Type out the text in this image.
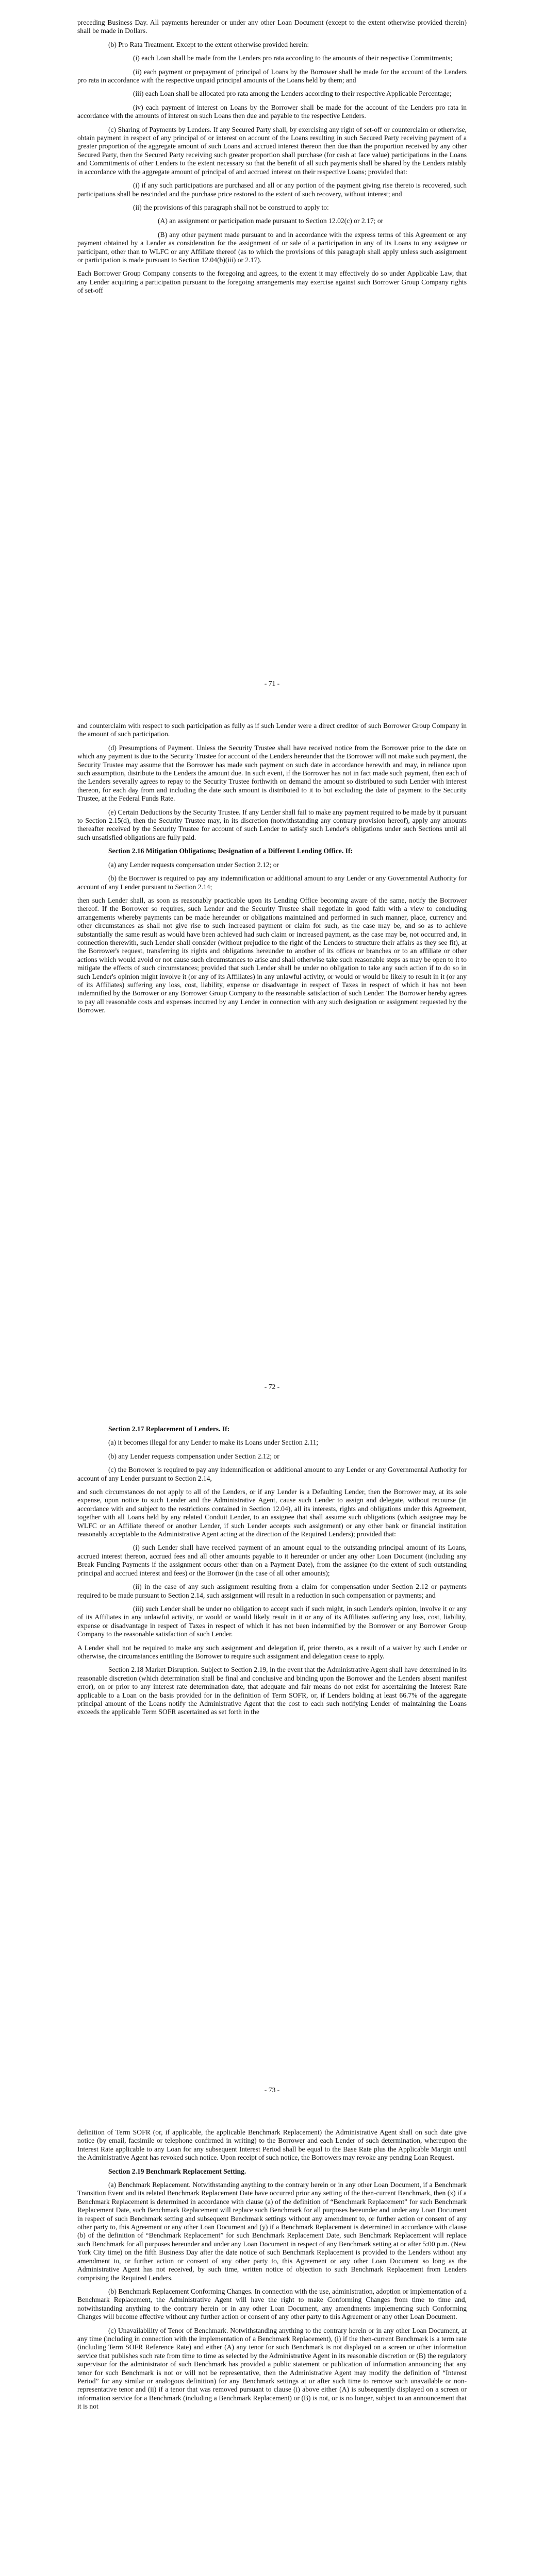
preceding Business Day. All payments hereunder or under any other Loan Document (except to the extent otherwise provided therein) shall be made in Dollars.

(b) Pro Rata Treatment. Except to the extent otherwise provided herein:

(i) each Loan shall be made from the Lenders pro rata according to the amounts of their respective Commitments;

(ii) each payment or prepayment of principal of Loans by the Borrower shall be made for the account of the Lenders pro rata in accordance with the respective unpaid principal amounts of the Loans held by them; and

(iii) each Loan shall be allocated pro rata among the Lenders according to their respective Applicable Percentage;

(iv) each payment of interest on Loans by the Borrower shall be made for the account of the Lenders pro rata in accordance with the amounts of interest on such Loans then due and payable to the respective Lenders.

(c) Sharing of Payments by Lenders. If any Secured Party shall, by exercising any right of set-off or counterclaim or otherwise, obtain payment in respect of any principal of or interest on account of the Loans resulting in such Secured Party receiving payment of a greater proportion of the aggregate amount of such Loans and accrued interest thereon then due than the proportion received by any other Secured Party, then the Secured Party receiving such greater proportion shall purchase (for cash at face value) participations in the Loans and Commitments of other Lenders to the extent necessary so that the benefit of all such payments shall be shared by the Lenders ratably in accordance with the aggregate amount of principal of and accrued interest on their respective Loans; provided that:

(i) if any such participations are purchased and all or any portion of the payment giving rise thereto is recovered, such participations shall be rescinded and the purchase price restored to the extent of such recovery, without interest; and

(ii) the provisions of this paragraph shall not be construed to apply to:

(A) an assignment or participation made pursuant to Section 12.02(c) or 2.17; or

(B) any other payment made pursuant to and in accordance with the express terms of this Agreement or any payment obtained by a Lender as consideration for the assignment of or sale of a participation in any of its Loans to any assignee or participant, other than to WLFC or any Affiliate thereof (as to which the provisions of this paragraph shall apply unless such assignment or participation is made pursuant to Section 12.04(b)(iii) or 2.17).

Each Borrower Group Company consents to the foregoing and agrees, to the extent it may effectively do so under Applicable Law, that any Lender acquiring a participation pursuant to the foregoing arrangements may exercise against such Borrower Group Company rights of set-off

- 71 -

and counterclaim with respect to such participation as fully as if such Lender were a direct creditor of such Borrower Group Company in the amount of such participation.

(d) Presumptions of Payment. Unless the Security Trustee shall have received notice from the Borrower prior to the date on which any payment is due to the Security Trustee for account of the Lenders hereunder that the Borrower will not make such payment, the Security Trustee may assume that the Borrower has made such payment on such date in accordance herewith and may, in reliance upon such assumption, distribute to the Lenders the amount due. In such event, if the Borrower has not in fact made such payment, then each of the Lenders severally agrees to repay to the Security Trustee forthwith on demand the amount so distributed to such Lender with interest thereon, for each day from and including the date such amount is distributed to it to but excluding the date of payment to the Security Trustee, at the Federal Funds Rate.

(e) Certain Deductions by the Security Trustee. If any Lender shall fail to make any payment required to be made by it pursuant to Section 2.15(d), then the Security Trustee may, in its discretion (notwithstanding any contrary provision hereof), apply any amounts thereafter received by the Security Trustee for account of such Lender to satisfy such Lender's obligations under such Sections until all such unsatisfied obligations are fully paid.

Section 2.16 Mitigation Obligations; Designation of a Different Lending Office. If:

(a) any Lender requests compensation under Section 2.12; or

(b) the Borrower is required to pay any indemnification or additional amount to any Lender or any Governmental Authority for account of any Lender pursuant to Section 2.14;

then such Lender shall, as soon as reasonably practicable upon its Lending Office becoming aware of the same, notify the Borrower thereof. If the Borrower so requires, such Lender and the Security Trustee shall negotiate in good faith with a view to concluding arrangements whereby payments can be made hereunder or obligations maintained and performed in such manner, place, currency and other circumstances as shall not give rise to such increased payment or claim for such, as the case may be, and so as to achieve substantially the same result as would have been achieved had such claim or increased payment, as the case may be, not occurred and, in connection therewith, such Lender shall consider (without prejudice to the right of the Lenders to structure their affairs as they see fit), at the Borrower's request, transferring its rights and obligations hereunder to another of its offices or branches or to an affiliate or other actions which would avoid or not cause such circumstances to arise and shall otherwise take such reasonable steps as may be open to it to mitigate the effects of such circumstances; provided that such Lender shall be under no obligation to take any such action if to do so in such Lender's opinion might involve it (or any of its Affiliates) in any unlawful activity, or would or would be likely to result in it (or any of its Affiliates) suffering any loss, cost, liability, expense or disadvantage in respect of Taxes in respect of which it has not been indemnified by the Borrower or any Borrower Group Company to the reasonable satisfaction of such Lender. The Borrower hereby agrees to pay all reasonable costs and expenses incurred by any Lender in connection with any such designation or assignment requested by the Borrower.

- 72 -

Section 2.17 Replacement of Lenders. If:

(a) it becomes illegal for any Lender to make its Loans under Section 2.11;

(b) any Lender requests compensation under Section 2.12; or

(c) the Borrower is required to pay any indemnification or additional amount to any Lender or any Governmental Authority for account of any Lender pursuant to Section 2.14,

and such circumstances do not apply to all of the Lenders, or if any Lender is a Defaulting Lender, then the Borrower may, at its sole expense, upon notice to such Lender and the Administrative Agent, cause such Lender to assign and delegate, without recourse (in accordance with and subject to the restrictions contained in Section 12.04), all its interests, rights and obligations under this Agreement, together with all Loans held by any related Conduit Lender, to an assignee that shall assume such obligations (which assignee may be WLFC or an Affiliate thereof or another Lender, if such Lender accepts such assignment) or any other bank or financial institution reasonably acceptable to the Administrative Agent acting at the direction of the Required Lenders); provided that:

(i) such Lender shall have received payment of an amount equal to the outstanding principal amount of its Loans, accrued interest thereon, accrued fees and all other amounts payable to it hereunder or under any other Loan Document (including any Break Funding Payments if the assignment occurs other than on a Payment Date), from the assignee (to the extent of such outstanding principal and accrued interest and fees) or the Borrower (in the case of all other amounts);

(ii) in the case of any such assignment resulting from a claim for compensation under Section 2.12 or payments required to be made pursuant to Section 2.14, such assignment will result in a reduction in such compensation or payments; and

(iii) such Lender shall be under no obligation to accept such if such might, in such Lender's opinion, involve it or any of its Affiliates in any unlawful activity, or would or would likely result in it or any of its Affiliates suffering any loss, cost, liability, expense or disadvantage in respect of Taxes in respect of which it has not been indemnified by the Borrower or any Borrower Group Company to the reasonable satisfaction of such Lender.

A Lender shall not be required to make any such assignment and delegation if, prior thereto, as a result of a waiver by such Lender or otherwise, the circumstances entitling the Borrower to require such assignment and delegation cease to apply.

Section 2.18 Market Disruption. Subject to Section 2.19, in the event that the Administrative Agent shall have determined in its reasonable discretion (which determination shall be final and conclusive and binding upon the Borrower and the Lenders absent manifest error), on or prior to any interest rate determination date, that adequate and fair means do not exist for ascertaining the Interest Rate applicable to a Loan on the basis provided for in the definition of Term SOFR, or, if Lenders holding at least 66.7% of the aggregate principal amount of the Loans notify the Administrative Agent that the cost to each such notifying Lender of maintaining the Loans exceeds the applicable Term SOFR ascertained as set forth in the

- 73 -

definition of Term SOFR (or, if applicable, the applicable Benchmark Replacement) the Administrative Agent shall on such date give notice (by email, facsimile or telephone confirmed in writing) to the Borrower and each Lender of such determination, whereupon the Interest Rate applicable to any Loan for any subsequent Interest Period shall be equal to the Base Rate plus the Applicable Margin until the Administrative Agent has revoked such notice. Upon receipt of such notice, the Borrowers may revoke any pending Loan Request.

Section 2.19 Benchmark Replacement Setting.

(a) Benchmark Replacement. Notwithstanding anything to the contrary herein or in any other Loan Document, if a Benchmark Transition Event and its related Benchmark Replacement Date have occurred prior any setting of the then-current Benchmark, then (x) if a Benchmark Replacement is determined in accordance with clause (a) of the definition of “Benchmark Replacement” for such Benchmark Replacement Date, such Benchmark Replacement will replace such Benchmark for all purposes hereunder and under any Loan Document in respect of such Benchmark setting and subsequent Benchmark settings without any amendment to, or further action or consent of any other party to, this Agreement or any other Loan Document and (y) if a Benchmark Replacement is determined in accordance with clause (b) of the definition of “Benchmark Replacement” for such Benchmark Replacement Date, such Benchmark Replacement will replace such Benchmark for all purposes hereunder and under any Loan Document in respect of any Benchmark setting at or after 5:00 p.m. (New York City time) on the fifth Business Day after the date notice of such Benchmark Replacement is provided to the Lenders without any amendment to, or further action or consent of any other party to, this Agreement or any other Loan Document so long as the Administrative Agent has not received, by such time, written notice of objection to such Benchmark Replacement from Lenders comprising the Required Lenders.

(b) Benchmark Replacement Conforming Changes. In connection with the use, administration, adoption or implementation of a Benchmark Replacement, the Administrative Agent will have the right to make Conforming Changes from time to time and, notwithstanding anything to the contrary herein or in any other Loan Document, any amendments implementing such Conforming Changes will become effective without any further action or consent of any other party to this Agreement or any other Loan Document.

(c) Unavailability of Tenor of Benchmark. Notwithstanding anything to the contrary herein or in any other Loan Document, at any time (including in connection with the implementation of a Benchmark Replacement), (i) if the then-current Benchmark is a term rate (including Term SOFR Reference Rate) and either (A) any tenor for such Benchmark is not displayed on a screen or other information service that publishes such rate from time to time as selected by the Administrative Agent in its reasonable discretion or (B) the regulatory supervisor for the administrator of such Benchmark has provided a public statement or publication of information announcing that any tenor for such Benchmark is not or will not be representative, then the Administrative Agent may modify the definition of “Interest Period” for any similar or analogous definition) for any Benchmark settings at or after such time to remove such unavailable or non-representative tenor and (ii) if a tenor that was removed pursuant to clause (i) above either (A) is subsequently displayed on a screen or information service for a Benchmark (including a Benchmark Replacement) or (B) is not, or is no longer, subject to an announcement that it is not
